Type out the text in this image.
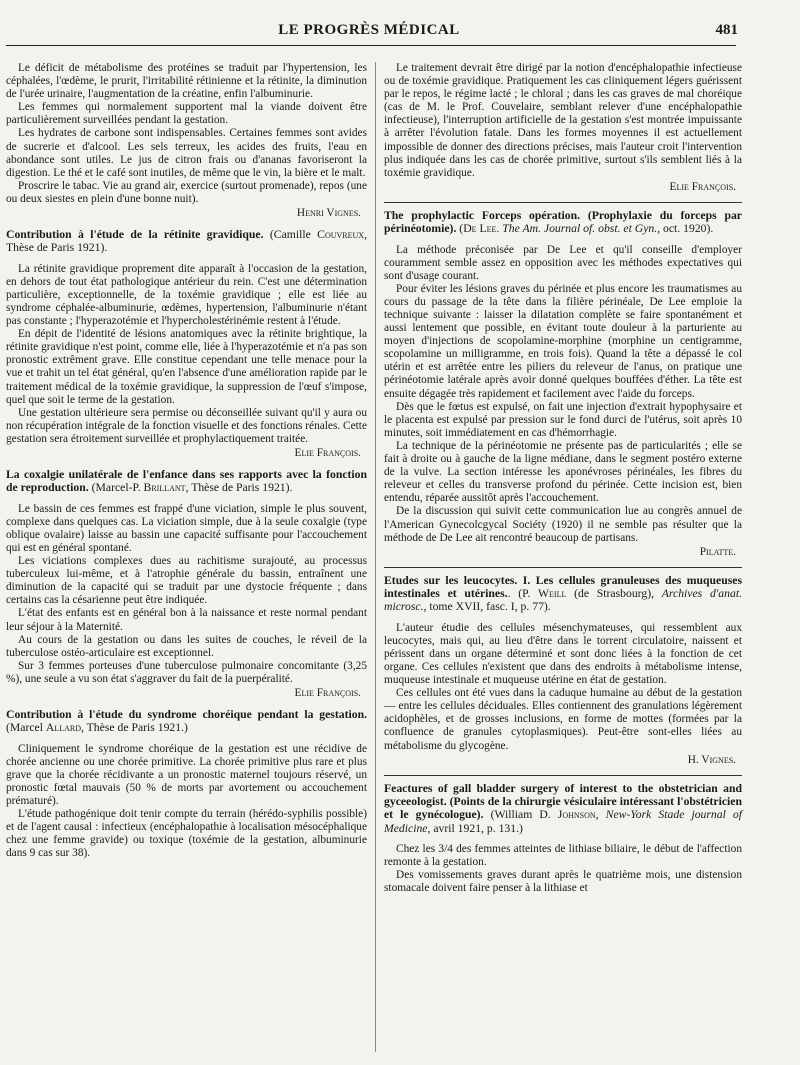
LE PROGRÈS MÉDICAL	481

Le déficit de métabolisme des protéines se traduit par l'hypertension, les céphalées, l'œdème, le prurit, l'irritabilité rétinienne et la rétinite, la diminution de l'urée urinaire, l'augmentation de la créatine, enfin l'albuminurie.

Les femmes qui normalement supportent mal la viande doivent être particulièrement surveillées pendant la gestation.

Les hydrates de carbone sont indispensables. Certaines femmes sont avides de sucrerie et d'alcool. Les sels terreux, les acides des fruits, l'eau en abondance sont utiles. Le jus de citron frais ou d'ananas favoriseront la digestion. Le thé et le café sont inutiles, de même que le vin, la bière et le malt.

Proscrire le tabac. Vie au grand air, exercice (surtout promenade), repos (une ou deux siestes en plein d'une bonne nuit).

Henri Vignes.

Contribution à l'étude de la rétinite gravidique. (Camille Couvreux, Thèse de Paris 1921).

La rétinite gravidique proprement dite apparaît à l'occasion de la gestation, en dehors de tout état pathologique antérieur du rein. C'est une détermination particulière, exceptionnelle, de la toxémie gravidique ; elle est liée au syndrome céphalée-albuminurie, œdèmes, hypertension, l'albuminurie n'étant pas constante ; l'hyperazotémie et l'hypercholestérinémie restent à l'étude.

En dépit de l'identité de lésions anatomiques avec la rétinite brightique, la rétinite gravidique n'est point, comme elle, liée à l'hyperazotémie et n'a pas son pronostic extrêment grave. Elle constitue cependant une telle menace pour la vue et trahit un tel état général, qu'en l'absence d'une amélioration rapide par le traitement médical de la toxémie gravidique, la suppression de l'œuf s'impose, quel que soit le terme de la gestation.

Une gestation ultérieure sera permise ou déconseillée suivant qu'il y aura ou non récupération intégrale de la fonction visuelle et des fonctions rénales. Cette gestation sera étroitement surveillée et prophylactiquement traitée.

Elie François.

La coxalgie unilatérale de l'enfance dans ses rapports avec la fonction de reproduction. (Marcel-P. Brillant, Thèse de Paris 1921).

Le bassin de ces femmes est frappé d'une viciation, simple le plus souvent, complexe dans quelques cas. La viciation simple, due à la seule coxalgie (type oblique ovalaire) laisse au bassin une capacité suffisante pour l'accouchement qui est en général spontané.

Les viciations complexes dues au rachitisme surajouté, au processus tuberculeux lui-même, et à l'atrophie générale du bassin, entraînent une diminution de la capacité qui se traduit par une dystocie fréquente ; dans certains cas la césarienne peut être indiquée.

L'état des enfants est en général bon à la naissance et reste normal pendant leur séjour à la Maternité.

Au cours de la gestation ou dans les suites de couches, le réveil de la tuberculose ostéo-articulaire est exceptionnel.

Sur 3 femmes porteuses d'une tuberculose pulmonaire concomitante (3,25 %), une seule a vu son état s'aggraver du fait de la puerpéralité.

Elie François.

Contribution à l'étude du syndrome choréique pendant la gestation.(Marcel Allard, Thèse de Paris 1921.)

Cliniquement le syndrome choréique de la gestation est une récidive de chorée ancienne ou une chorée primitive. La chorée primitive plus rare et plus grave que la chorée récidivante a un pronostic maternel toujours réservé, un pronostic fœtal mauvais (50 % de morts par avortement ou accouchement prématuré).

L'étude pathogénique doit tenir compte du terrain (hérédo-syphilis possible) et de l'agent causal : infectieux (encéphalopathie à localisation mésocéphalique chez une femme gravide) ou toxique (toxémie de la gestation, albuminurie dans 9 cas sur 38).

Le traitement devrait être dirigé par la notion d'encéphalopathie infectieuse ou de toxémie gravidique. Pratiquement les cas cliniquement légers guérissent par le repos, le régime lacté ; le chloral ; dans les cas graves de mal choréique (cas de M. le Prof. Couvelaire, semblant relever d'une encéphalopathie infectieuse), l'interruption artificielle de la gestation s'est montrée impuissante à arrêter l'évolution fatale. Dans les formes moyennes il est actuellement impossible de donner des directions précises, mais l'auteur croit l'intervention plus indiquée dans les cas de chorée primitive, surtout s'ils semblent liés à la toxémie gravidique.

Elie François.

The prophylactic Forceps opération. (Prophylaxie du forceps par périnéotomie). (De Lee. The Am. Journal of. obst. et Gyn., oct. 1920).

La méthode préconisée par De Lee et qu'il conseille d'employer couramment semble assez en opposition avec les méthodes expectatives qui sont d'usage courant.

Pour éviter les lésions graves du périnée et plus encore les traumatismes au cours du passage de la tête dans la filière périnéale, De Lee emploie la technique suivante : laisser la dilatation complète se faire spontanément et aussi lentement que possible, en évitant toute douleur à la parturiente au moyen d'injections de scopolamine-morphine (morphine un centigramme, scopolamine un milligramme, en trois fois). Quand la tête a dépassé le col utérin et est arrêtée entre les piliers du releveur de l'anus, on pratique une périnéotomie latérale après avoir donné quelques bouffées d'éther. La tête est ensuite dégagée très rapidement et facilement avec l'aide du forceps.

Dès que le fœtus est expulsé, on fait une injection d'extrait hypophysaire et le placenta est expulsé par pression sur le fond durci de l'utérus, soit après 10 minutes, soit immédiatement en cas d'hémorrhagie.

La technique de la périnéotomie ne présente pas de particularités ; elle se fait à droite ou à gauche de la ligne médiane, dans le segment postéro externe de la vulve. La section intéresse les aponévroses périnéales, les fibres du releveur et celles du transverse profond du périnée. Cette incision est, bien entendu, réparée aussitôt après l'accouchement.

De la discussion qui suivit cette communication lue au congrès annuel de l'American Gynecolcgycal Sociéty (1920) il ne semble pas résulter que la méthode de De Lee ait rencontré beaucoup de partisans.

Pilatte.

Etudes sur les leucocytes. I. Les cellules granuleuses des muqueuses intestinales et utérines.. (P. Weill (de Strasbourg), Archives d'anat. microsc., tome XVII, fasc. I, p. 77).

L'auteur étudie des cellules mésenchymateuses, qui ressemblent aux leucocytes, mais qui, au lieu d'être dans le torrent circulatoire, naissent et périssent dans un organe déterminé et sont donc liées à la fonction de cet organe. Ces cellules n'existent que dans des endroits à métabolisme intense, muqueuse intestinale et muqueuse utérine en état de gestation.

Ces cellules ont été vues dans la caduque humaine au début de la gestation — entre les cellules déciduales. Elles contiennent des granulations légèrement acidophèles, et de grosses inclusions, en forme de mottes (formées par la confluence de granules cytoplasmiques). Peut-être sont-elles liées au métabolisme du glycogène.

H. Vignes.

Feactures of gall bladder surgery of interest to the obstetrician and gyceeologist. (Points de la chirurgie vésiculaire intéressant l'obstétricien et le gynécologue). (William D. Johnson, New-York Stade journal of Medicine, avril 1921, p. 131.)

Chez les 3/4 des femmes atteintes de lithiase biliaire, le début de l'affection remonte à la gestation.

Des vomissements graves durant après le quatrième mois, une distension stomacale doivent faire penser à la lithiase et
